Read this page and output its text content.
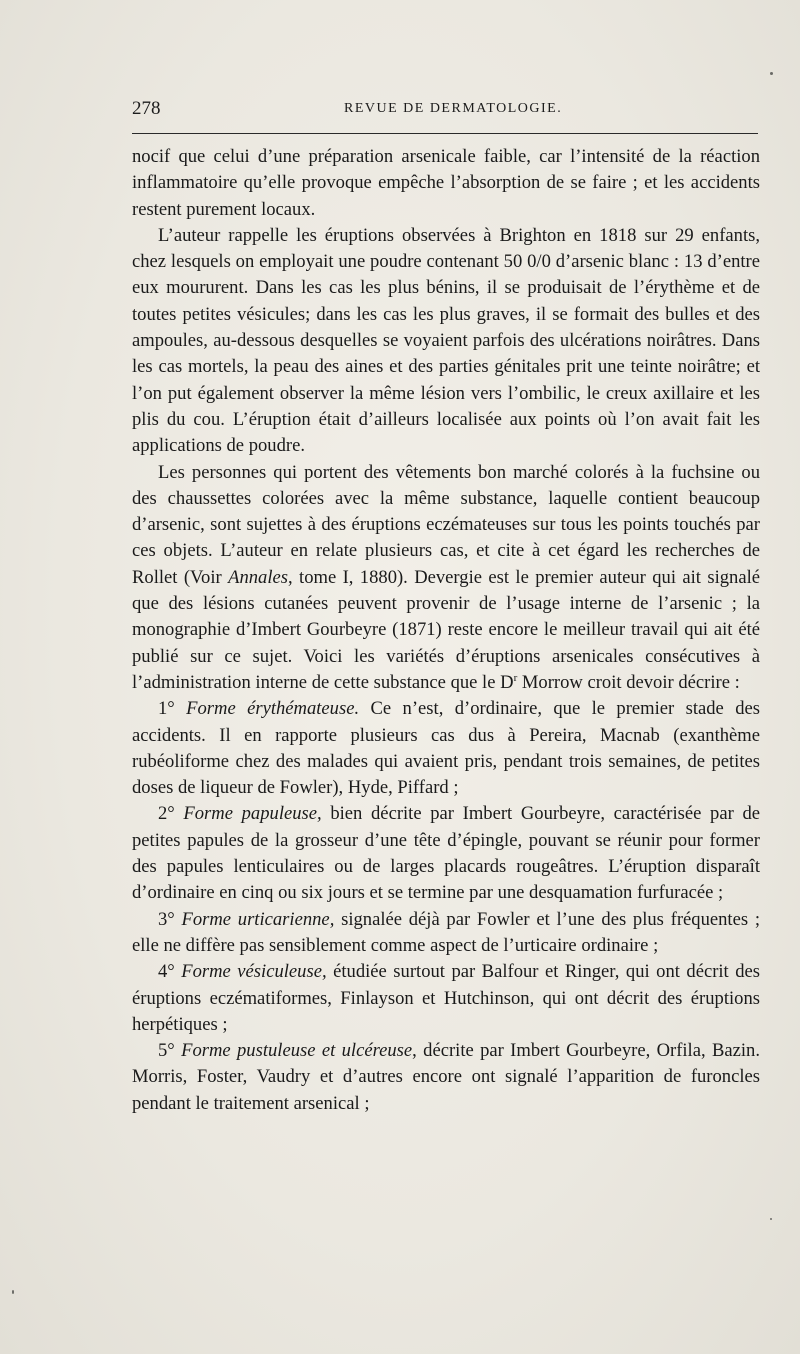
278	REVUE DE DERMATOLOGIE.

nocif que celui d’une préparation arsenicale faible, car l’intensité de la réaction inflammatoire qu’elle provoque empêche l’absorption de se faire ; et les accidents restent purement locaux.

L’auteur rappelle les éruptions observées à Brighton en 1818 sur 29 enfants, chez lesquels on employait une poudre contenant 50 0/0 d’arsenic blanc : 13 d’entre eux moururent. Dans les cas les plus bénins, il se produisait de l’érythème et de toutes petites vésicules; dans les cas les plus graves, il se formait des bulles et des ampoules, au-dessous desquelles se voyaient parfois des ulcérations noirâtres. Dans les cas mortels, la peau des aines et des parties génitales prit une teinte noirâtre; et l’on put également observer la même lésion vers l’ombilic, le creux axillaire et les plis du cou. L’éruption était d’ailleurs localisée aux points où l’on avait fait les applications de poudre.

Les personnes qui portent des vêtements bon marché colorés à la fuchsine ou des chaussettes colorées avec la même substance, laquelle contient beaucoup d’arsenic, sont sujettes à des éruptions eczémateuses sur tous les points touchés par ces objets. L’auteur en relate plusieurs cas, et cite à cet égard les recherches de Rollet (Voir Annales, tome I, 1880). Devergie est le premier auteur qui ait signalé que des lésions cutanées peuvent provenir de l’usage interne de l’arsenic ; la monographie d’Imbert Gourbeyre (1871) reste encore le meilleur travail qui ait été publié sur ce sujet. Voici les variétés d’éruptions arsenicales consécutives à l’administration interne de cette substance que le $D^r$ Morrow croit devoir décrire :

1° Forme érythémateuse. Ce n’est, d’ordinaire, que le premier stade des accidents. Il en rapporte plusieurs cas dus à Pereira, Macnab (exanthème rubéoliforme chez des malades qui avaient pris, pendant trois semaines, de petites doses de liqueur de Fowler), Hyde, Piffard ;

2° Forme papuleuse, bien décrite par Imbert Gourbeyre, caractérisée par de petites papules de la grosseur d’une tête d’épingle, pouvant se réunir pour former des papules lenticulaires ou de larges placards rougeâtres. L’éruption disparaît d’ordinaire en cinq ou six jours et se termine par une desquamation furfuracée ;

3° Forme urticarienne, signalée déjà par Fowler et l’une des plus fréquentes ; elle ne diffère pas sensiblement comme aspect de l’urticaire ordinaire ;

4° Forme vésiculeuse, étudiée surtout par Balfour et Ringer, qui ont décrit des éruptions eczématiformes, Finlayson et Hutchinson, qui ont décrit des éruptions herpétiques ;

5° Forme pustuleuse et ulcéreuse, décrite par Imbert Gourbeyre, Orfila, Bazin. Morris, Foster, Vaudry et d’autres encore ont signalé l’apparition de furoncles pendant le traitement arsenical ;
